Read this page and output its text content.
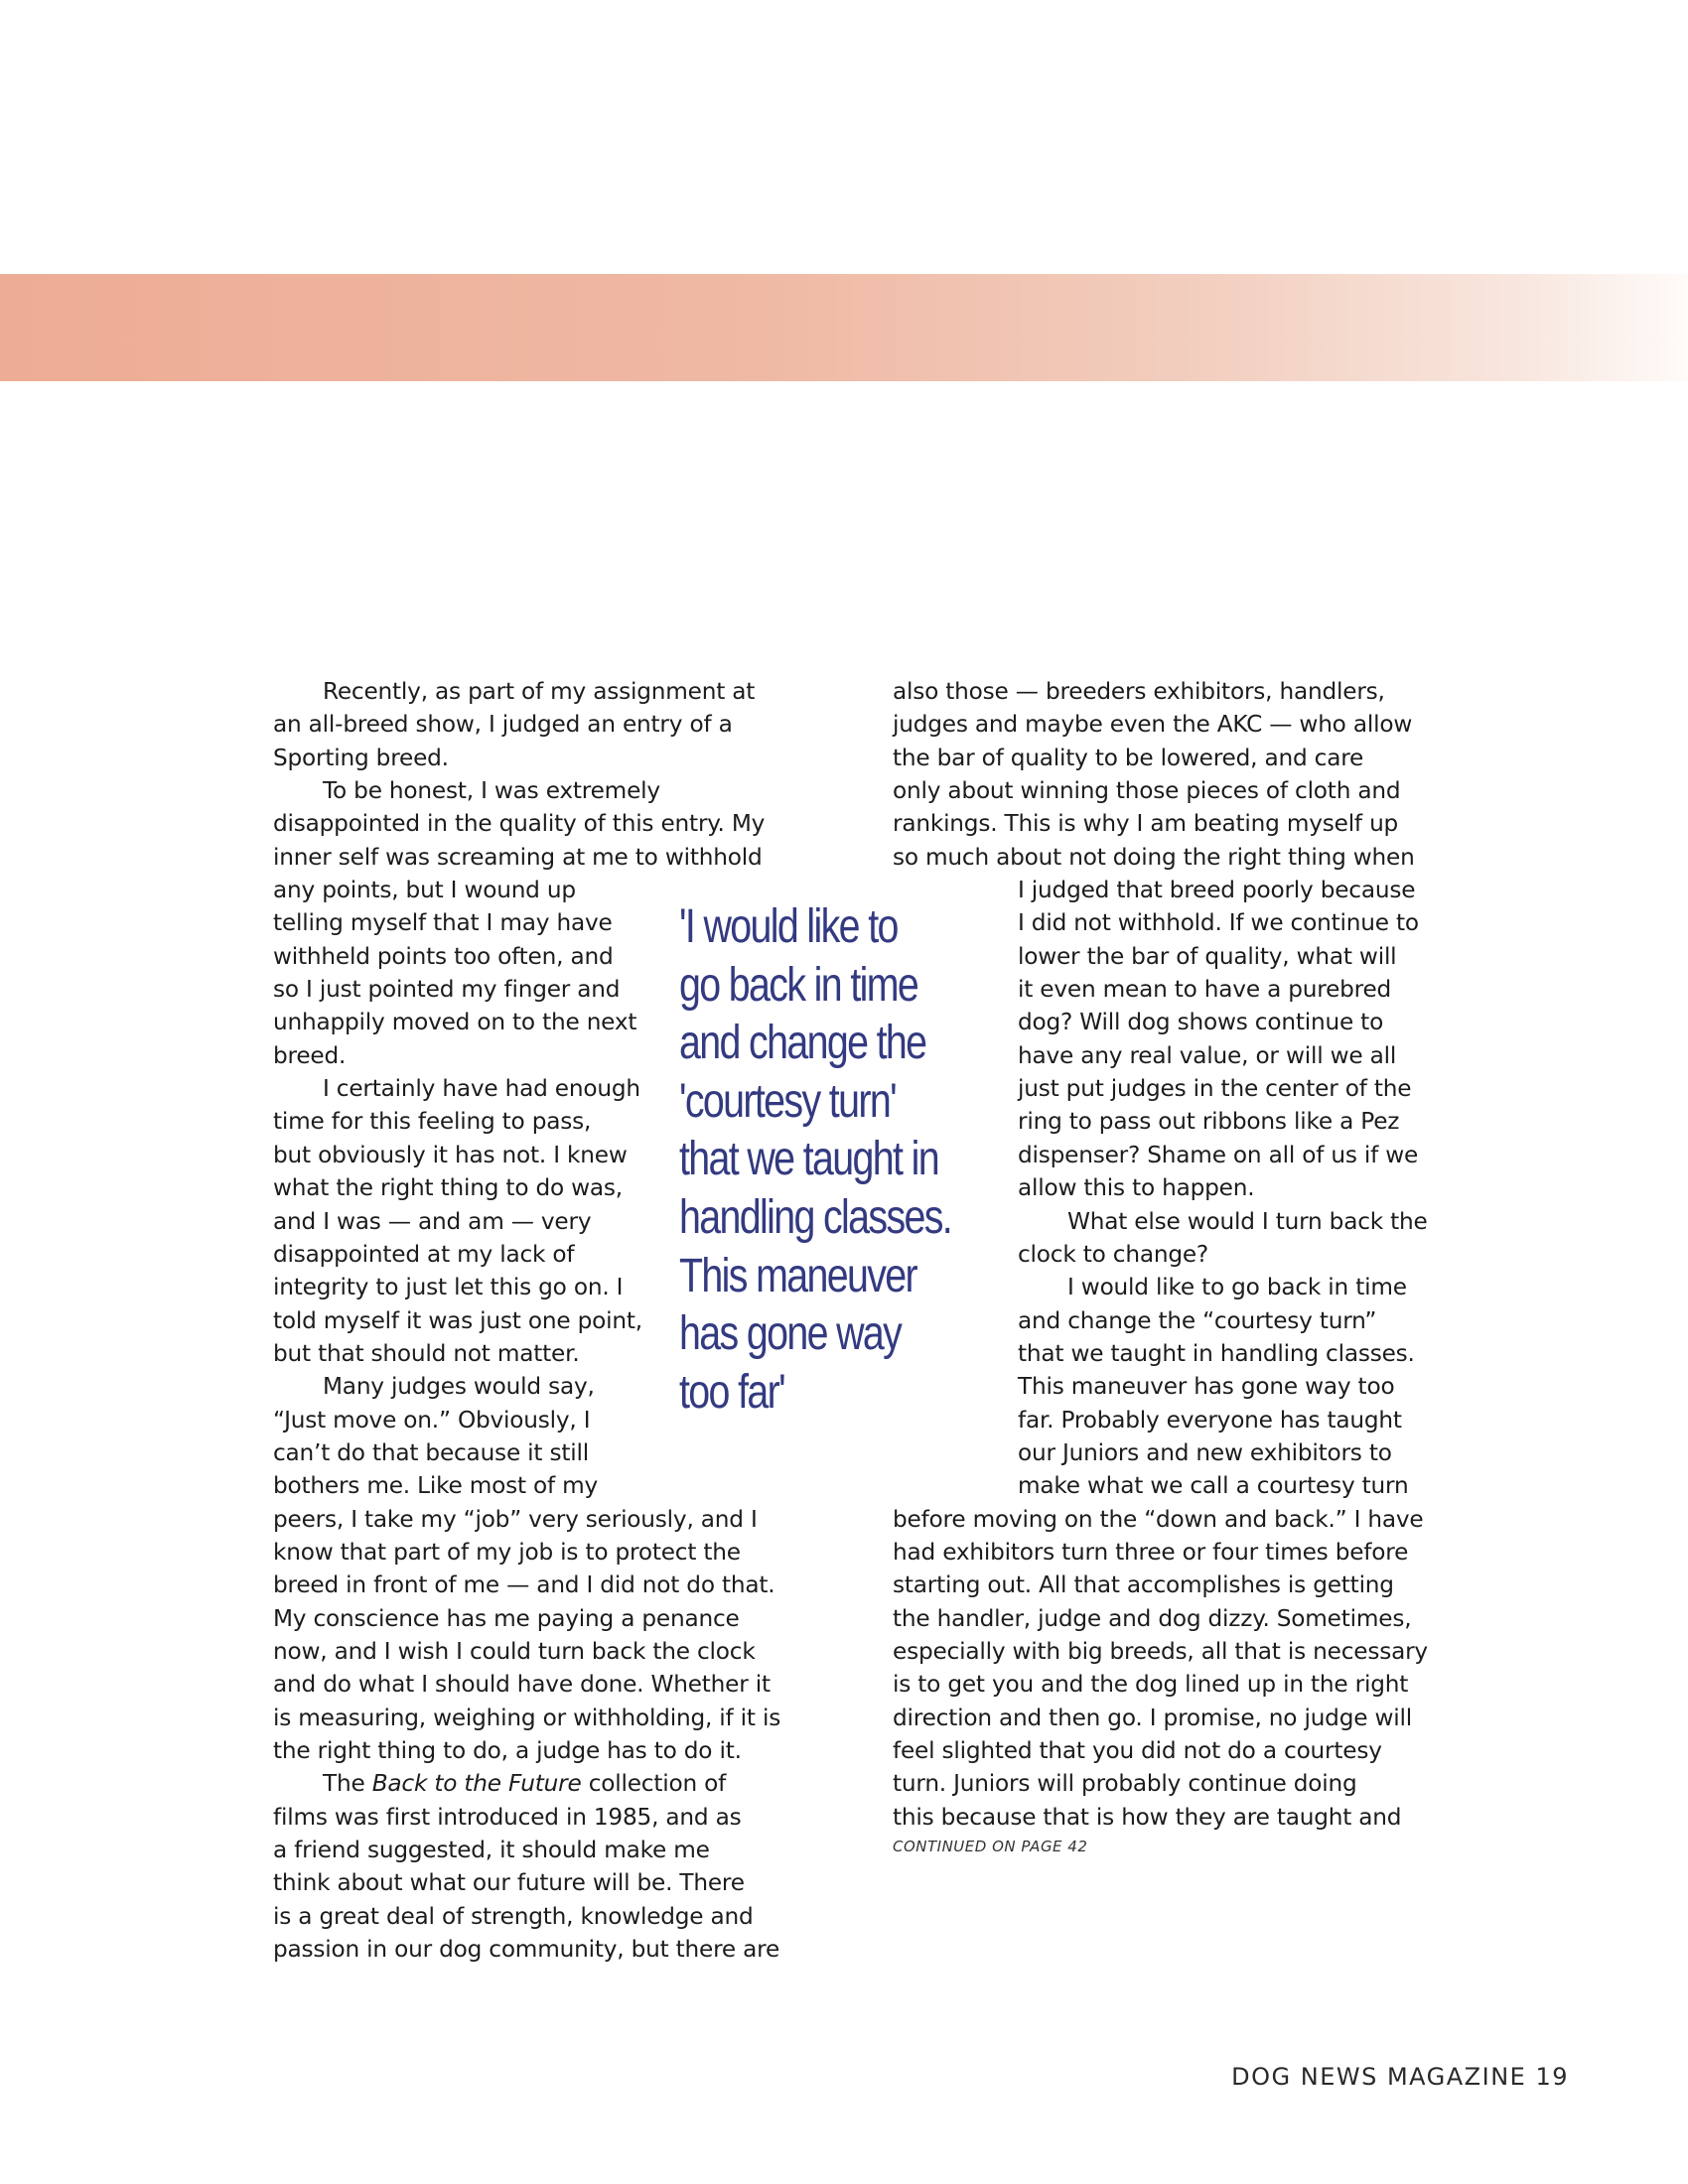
Recently, as part of my assignment at
an all-breed show, I judged an entry of a
Sporting breed.
To be honest, I was extremely
disappointed in the quality of this entry. My
inner self was screaming at me to withhold
any points, but I wound up
telling myself that I may have
withheld points too often, and
so I just pointed my finger and
unhappily moved on to the next
breed.
I certainly have had enough
time for this feeling to pass,
but obviously it has not. I knew
what the right thing to do was,
and I was — and am — very
disappointed at my lack of
integrity to just let this go on. I
told myself it was just one point,
but that should not matter.
Many judges would say,
“Just move on.” Obviously, I
can’t do that because it still
bothers me. Like most of my
peers, I take my “job” very seriously, and I
know that part of my job is to protect the
breed in front of me — and I did not do that.
My conscience has me paying a penance
now, and I wish I could turn back the clock
and do what I should have done. Whether it
is measuring, weighing or withholding, if it is
the right thing to do, a judge has to do it.
The Back to the Future collection of
films was first introduced in 1985, and as
a friend suggested, it should make me
think about what our future will be. There
is a great deal of strength, knowledge and
passion in our dog community, but there are
'I would like to
go back in time
and change the
'courtesy turn'
that we taught in
handling classes.
This maneuver
has gone way
too far'
also those — breeders exhibitors, handlers,
judges and maybe even the AKC — who allow
the bar of quality to be lowered, and care
only about winning those pieces of cloth and
rankings. This is why I am beating myself up
so much about not doing the right thing when
I judged that breed poorly because
I did not withhold. If we continue to
lower the bar of quality, what will
it even mean to have a purebred
dog? Will dog shows continue to
have any real value, or will we all
just put judges in the center of the
ring to pass out ribbons like a Pez
dispenser? Shame on all of us if we
allow this to happen.
What else would I turn back the
clock to change?
I would like to go back in time
and change the “courtesy turn”
that we taught in handling classes.
This maneuver has gone way too
far. Probably everyone has taught
our Juniors and new exhibitors to
make what we call a courtesy turn
before moving on the “down and back.” I have
had exhibitors turn three or four times before
starting out. All that accomplishes is getting
the handler, judge and dog dizzy. Sometimes,
especially with big breeds, all that is necessary
is to get you and the dog lined up in the right
direction and then go. I promise, no judge will
feel slighted that you did not do a courtesy
turn. Juniors will probably continue doing
this because that is how they are taught and
CONTINUED ON PAGE 42
DOG NEWS MAGAZINE 19
